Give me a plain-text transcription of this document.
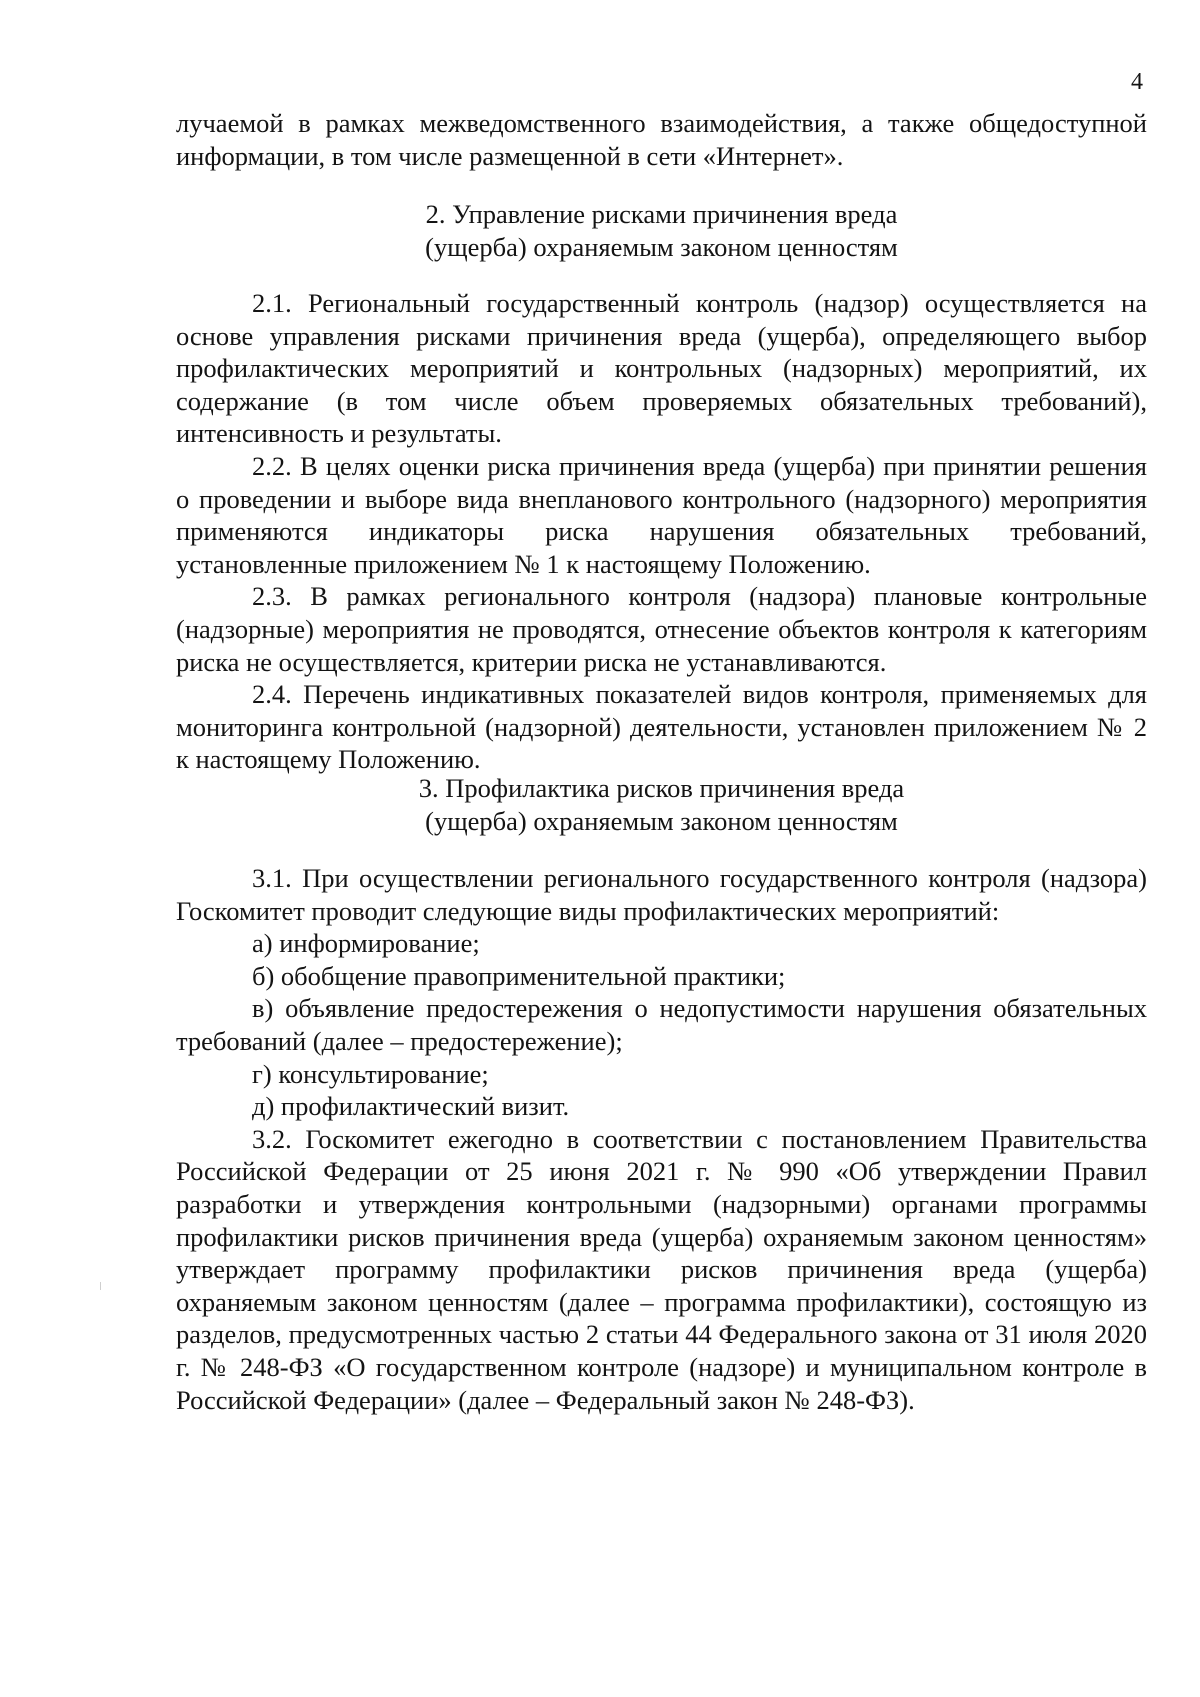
4

лучаемой в рамках межведомственного взаимодействия, а также общедоступной информации, в том числе размещенной в сети «Интернет».

2. Управление рисками причинения вреда
(ущерба) охраняемым законом ценностям

2.1. Региональный государственный контроль (надзор) осуществляется на основе управления рисками причинения вреда (ущерба), определяющего выбор профилактических мероприятий и контрольных (надзорных) мероприятий, их содержание (в том числе объем проверяемых обязательных требований), интенсивность и результаты.

2.2. В целях оценки риска причинения вреда (ущерба) при принятии решения о проведении и выборе вида внепланового контрольного (надзорного) мероприятия применяются индикаторы риска нарушения обязательных требований, установленные приложением № 1 к настоящему Положению.

2.3. В рамках регионального контроля (надзора) плановые контрольные (надзорные) мероприятия не проводятся, отнесение объектов контроля к категориям риска не осуществляется, критерии риска не устанавливаются.

2.4. Перечень индикативных показателей видов контроля, применяемых для мониторинга контрольной (надзорной) деятельности, установлен приложением № 2 к настоящему Положению.

3. Профилактика рисков причинения вреда
(ущерба) охраняемым законом ценностям

3.1. При осуществлении регионального государственного контроля (надзора) Госкомитет проводит следующие виды профилактических мероприятий:

а) информирование;

б) обобщение правоприменительной практики;

в) объявление предостережения о недопустимости нарушения обязательных требований (далее – предостережение);

г) консультирование;

д) профилактический визит.

3.2. Госкомитет ежегодно в соответствии с постановлением Правительства Российской Федерации от 25 июня 2021 г. № 990 «Об утверждении Правил разработки и утверждения контрольными (надзорными) органами программы профилактики рисков причинения вреда (ущерба) охраняемым законом ценностям» утверждает программу профилактики рисков причинения вреда (ущерба) охраняемым законом ценностям (далее – программа профилактики), состоящую из разделов, предусмотренных частью 2 статьи 44 Федерального закона от 31 июля 2020 г. № 248-ФЗ «О государственном контроле (надзоре) и муниципальном контроле в Российской Федерации» (далее – Федеральный закон № 248-ФЗ).
